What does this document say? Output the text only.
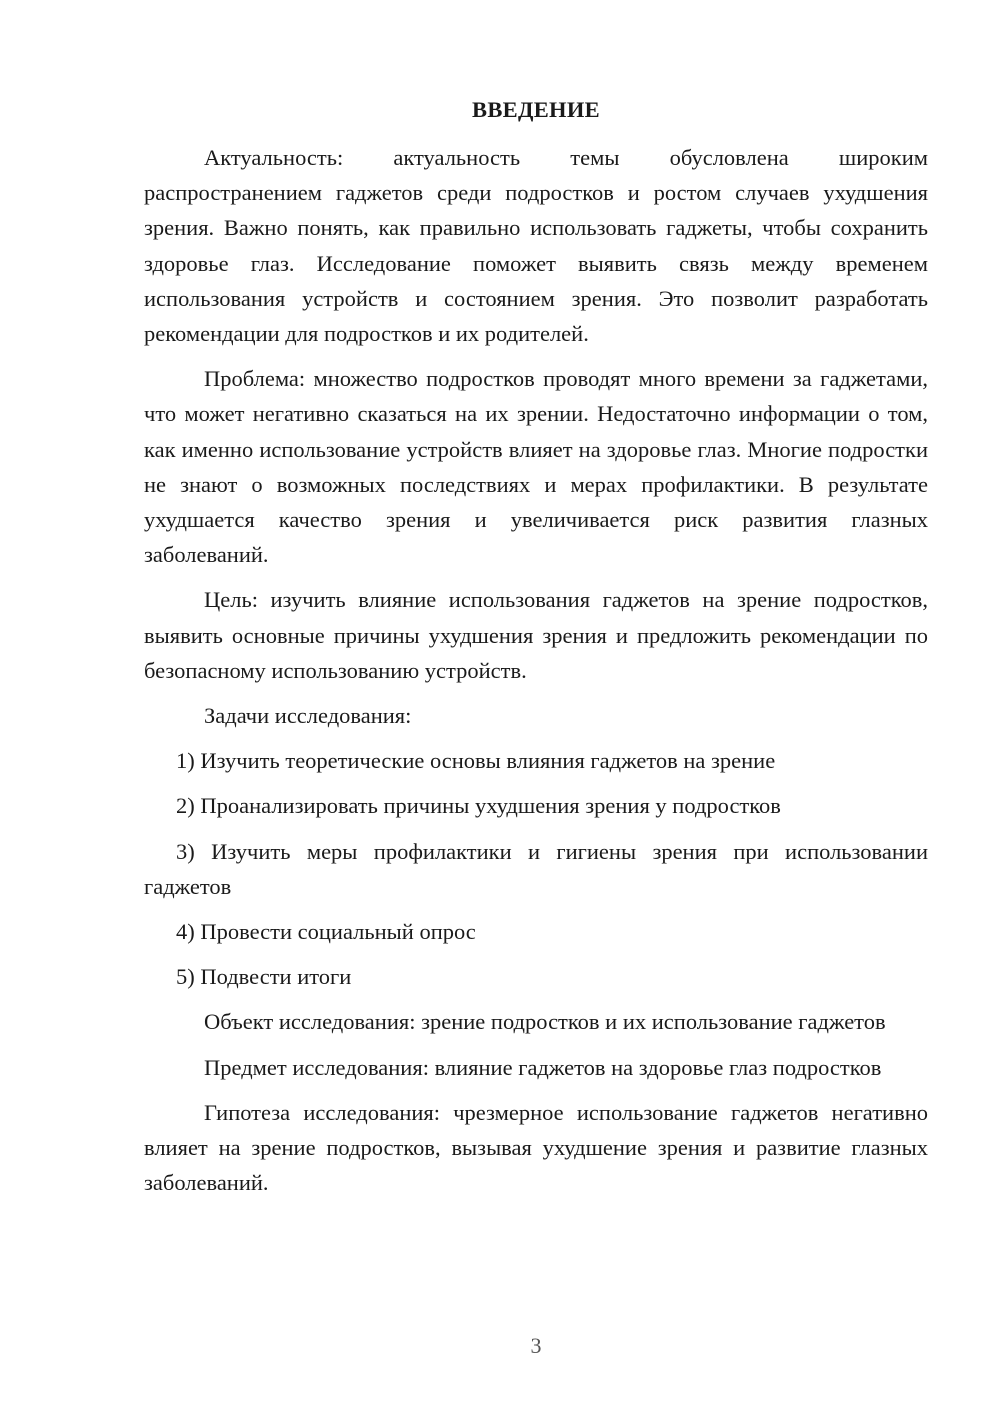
ВВЕДЕНИЕ

Актуальность: актуальность темы обусловлена широким распространением гаджетов среди подростков и ростом случаев ухудшения зрения. Важно понять, как правильно использовать гаджеты, чтобы сохранить здоровье глаз. Исследование поможет выявить связь между временем использования устройств и состоянием зрения. Это позволит разработать рекомендации для подростков и их родителей.

Проблема: множество подростков проводят много времени за гаджетами, что может негативно сказаться на их зрении. Недостаточно информации о том, как именно использование устройств влияет на здоровье глаз. Многие подростки не знают о возможных последствиях и мерах профилактики. В результате ухудшается качество зрения и увеличивается риск развития глазных заболеваний.

Цель: изучить влияние использования гаджетов на зрение подростков, выявить основные причины ухудшения зрения и предложить рекомендации по безопасному использованию устройств.

Задачи исследования:

1) Изучить теоретические основы влияния гаджетов на зрение

2) Проанализировать причины ухудшения зрения у подростков

3) Изучить меры профилактики и гигиены зрения при использовании гаджетов

4) Провести социальный опрос

5) Подвести итоги

Объект исследования: зрение подростков и их использование гаджетов

Предмет исследования: влияние гаджетов на здоровье глаз подростков

Гипотеза исследования: чрезмерное использование гаджетов негативно влияет на зрение подростков, вызывая ухудшение зрения и развитие глазных заболеваний.

3
